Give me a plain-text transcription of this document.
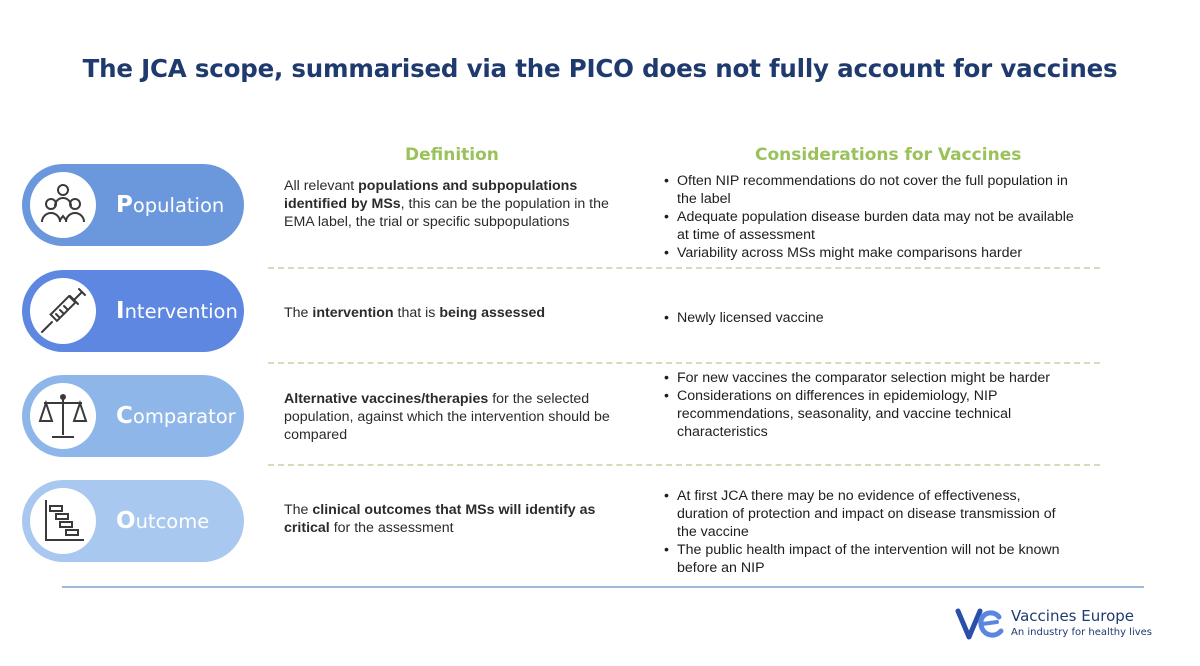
The JCA scope, summarised via the PICO does not fully account for vaccines
Definition	Considerations for Vaccines
Population
All relevant populations and subpopulations identified by MSs, this can be the population in the EMA label, the trial or specific subpopulations
• Often NIP recommendations do not cover the full population in the label
• Adequate population disease burden data may not be available at time of assessment
• Variability across MSs might make comparisons harder
Intervention	The intervention that is being assessed
•	Newly licensed vaccine
Comparator
Alternative vaccines/therapies for the selected population, against which the intervention should be compared
• For new vaccines the comparator selection might be harder
• Considerations on differences in epidemiology, NIP recommendations, seasonality, and vaccine technical characteristics
Outcome	The clinical outcomes that MSs will identify as critical for the assessment
• At first JCA there may be no evidence of effectiveness, duration of protection and impact on disease transmission of the vaccine
• The public health impact of the intervention will not be known before an NIP
Vaccines Europe
An industry for healthy lives
